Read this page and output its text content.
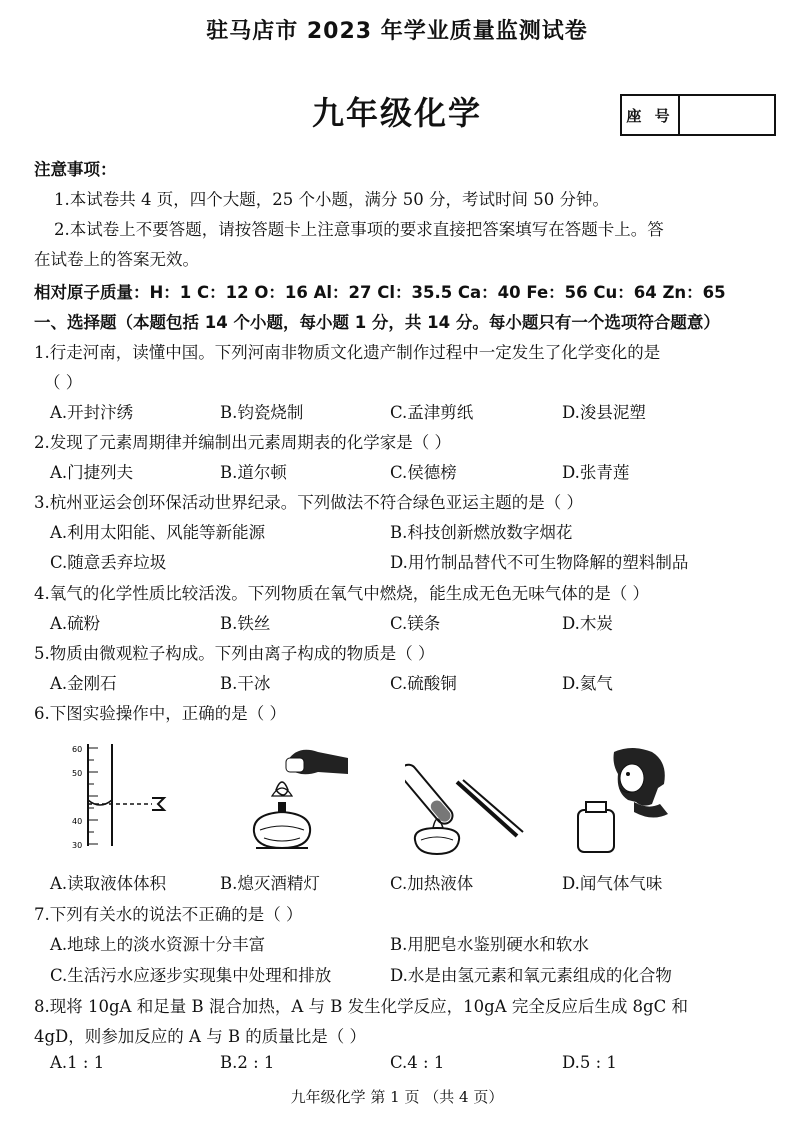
驻马店市 2023 年学业质量监测试卷
九年级化学	座 号
注意事项：
1.本试卷共 4 页，四个大题，25 个小题，满分 50 分，考试时间 50 分钟。
2.本试卷上不要答题，请按答题卡上注意事项的要求直接把答案填写在答题卡上。答
在试卷上的答案无效。
相对原子质量：H：1 C：12 O：16 Al：27 Cl：35.5 Ca：40 Fe：56 Cu：64 Zn：65
一、选择题（本题包括 14 个小题，每小题 1 分，共 14 分。每小题只有一个选项符合题意）
1.行走河南，读懂中国。下列河南非物质文化遗产制作过程中一定发生了化学变化的是
（ ）
A.开封汴绣	B.钧瓷烧制	C.孟津剪纸	D.浚县泥塑
2.发现了元素周期律并编制出元素周期表的化学家是（ ）
A.门捷列夫	B.道尔顿	C.侯德榜	D.张青莲
3.杭州亚运会创环保活动世界纪录。下列做法不符合绿色亚运主题的是（ ）
A.利用太阳能、风能等新能源	B.科技创新燃放数字烟花
C.随意丢弃垃圾	D.用竹制品替代不可生物降解的塑料制品
4.氧气的化学性质比较活泼。下列物质在氧气中燃烧，能生成无色无味气体的是（ ）
A.硫粉	B.铁丝	C.镁条	D.木炭
5.物质由微观粒子构成。下列由离子构成的物质是（ ）
A.金刚石	B.干冰	C.硫酸铜	D.氦气
6.下图实验操作中，正确的是（ ）
60
50
40
30
A.读取液体体积	B.熄灭酒精灯	C.加热液体	D.闻气体气味
7.下列有关水的说法不正确的是（ ）
A.地球上的淡水资源十分丰富	B.用肥皂水鉴别硬水和软水
C.生活污水应逐步实现集中处理和排放	D.水是由氢元素和氧元素组成的化合物
8.现将 10gA 和足量 B 混合加热，A 与 B 发生化学反应，10gA 完全反应后生成 8gC 和
4gD，则参加反应的 A 与 B 的质量比是（ ）
A.1 : 1	B.2 : 1	C.4 : 1	D.5 : 1
九年级化学 第 1 页 （共 4 页）
